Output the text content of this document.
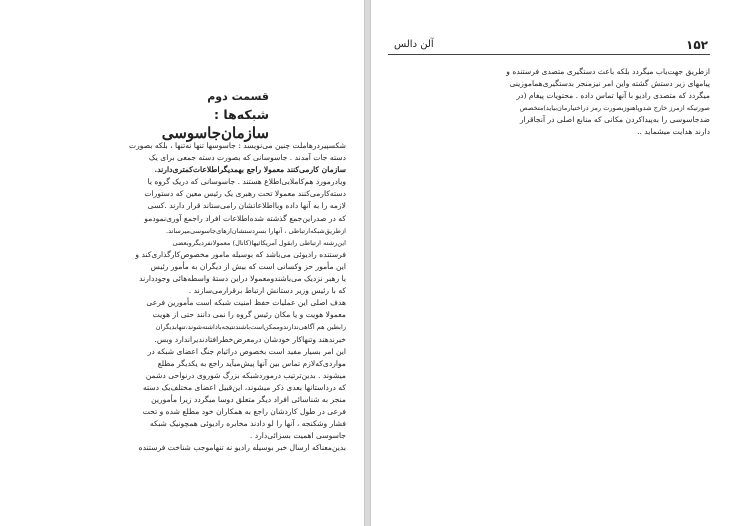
قسمت دوم
شبکه‌ها :
سازمان‌جاسوسی
شکسپیردرهاملت چنین می‌نویسد : جاسوسها تنها نه‌تنها ، بلکه بصورت
دسته جات آمدند . جاسوسانی که بصورت دسته جمعی برای یک
سازمان کارمی‌کنند معمولا راجع بهمدیگراطلاعات‌کمتری‌دارند.
ویادرمورد هم‌کاملابی‌اطلاع هستند . جاسوسانی که دریک گروه یا
دسته‌کارمی‌کنند معمولا تحت رهبری یک رئیس معین که دستورات
لازمه را به آنها داده وبااطلاعاتشان رامی‌ستاند قرار دارند .کسی
که در صدراین‌جمع گذشته شده‌اطلاعات افراد راجمع آوری‌نمودمو
ازطریق‌شبکه‌ارتباطی ، آنهارا بسرِدستشان‌ارهای‌جاسوسی‌میرساند.
این‌رشته ارتباطی رابقول آمریکائیها(کانال) معمولا‌نفردیگروبعضی
فرستنده رادیوئی می‌باشد که بوسیله مامور مخصوص‌کارگذاری‌کند و
این مأمور حز وکسانی است که بیش از دیگران به مأمور رئیس
یا رهبر نزدیک می‌باشندومعمولا دراین دستهٔ واسطه‌هائی وجوددارند
که با رئیس وزیر دستانش ارتباط برقرارمی‌سازند .
هدف اصلی این عملیات حفظ امنیت شبکه است مأمورین فرعی
معمولا هویت و یا مکان رئیس گروه را نمی دانند حتی از هویت
رابطین هم آگاهی‌ندارندوممکن‌است‌باشندنتیجه‌باداشته‌شوند،تنهابدیگران
خبرندهند وتنهاکار خودشان درمعرض‌خطرافتادندیراندارد وبس.
این امر بسیار مفید است بخصوص دراثیام جنگ اعضای شبکه در
مواردی‌که‌لازم تماس بین آنها پیش‌میآید راجع به یکدیگر مطلع
میشوند . بدین‌ترتیب درموردشبکه بزرگ شوروی درنواحی دشمن
که درداستانها بعدی ذکر میشوند، این‌قبیل اعضای مختلف‌یک دسته
منجر به شناسائی افراد دیگر متعلق دوسا میگردد زیرا مأمورین
فرعی در طول کاردشان راجع به همکاران خود مطلع شده و تحت
فشار وشکنجه ، آنها را لو دادند مخابره رادیوئی همچونیک شبکه
جاسوسی اهمیت بسزائی‌دارد .
بدین‌معناکه ارسال خبر بوسیله رادیو نه تنهاموجب شناخت فرستنده
۱۵۲
آلن دالس
ازطریق جهت‌یاب میگردد بلکه باعث دستگیری متصدی فرستنده و
پیامهای زیر دستش گشته واین امر نیزمنجر بدستگیری‌هماموزینی
میگردد که متصدی رادیو با آنها تماس داده . محتویات پیغام (در
صورتیکه ازمرز خارج شدوپاهنوزبصورت رمز دراختیارمان‌بیاید)متخصص
ضدجاسوسی را به‌پیداکردن مکانی که منابع اصلی در آنجاقرار
دارند هدایت میشماید ..
